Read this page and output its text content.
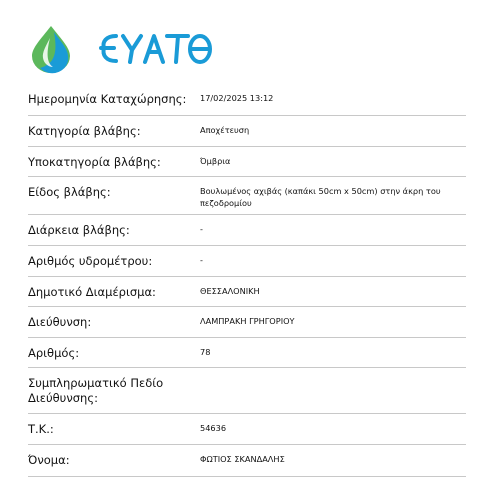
Ημερομηνία Καταχώρησης:	17/02/2025 13:12
Κατηγορία βλάβης:	Αποχέτευση
Υποκατηγορία βλάβης:	Όμβρια
Είδος βλάβης:	Βουλωμένος αχιβάς (καπάκι 50cm x 50cm) στην άκρη του πεζοδρομίου
Διάρκεια βλάβης:	-
Αριθμός υδρομέτρου:	-
Δημοτικό Διαμέρισμα:	ΘΕΣΣΑΛΟΝΙΚΗ
Διεύθυνση:	ΛΑΜΠΡΑΚΗ ΓΡΗΓΟΡΙΟΥ
Αριθμός:	78
Συμπληρωματικό Πεδίο Διεύθυνσης:
Τ.Κ.:	54636
Όνομα:	ΦΩΤΙΟΣ ΣΚΑΝΔΑΛΗΣ
